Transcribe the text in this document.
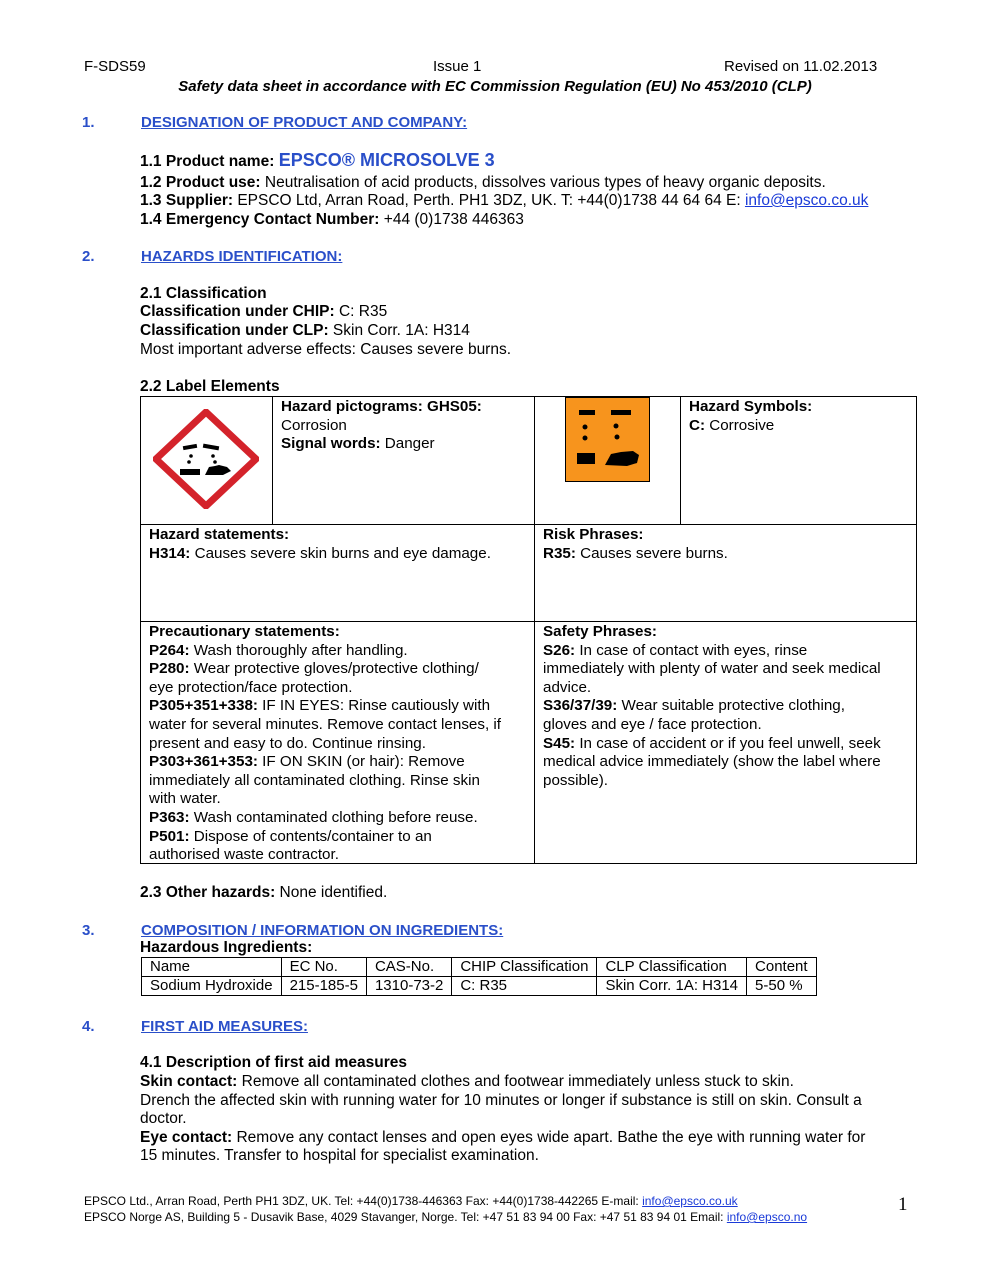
F-SDS59	Issue 1	Revised on 11.02.2013
Safety data sheet in accordance with EC Commission Regulation (EU) No 453/2010 (CLP)
1.	DESIGNATION OF PRODUCT AND COMPANY:
1.1 Product name: EPSCO® MICROSOLVE 3
1.2 Product use: Neutralisation of acid products, dissolves various types of heavy organic deposits.
1.3 Supplier: EPSCO Ltd, Arran Road, Perth. PH1 3DZ, UK. T: +44(0)1738 44 64 64 E: info@epsco.co.uk
1.4 Emergency Contact Number: +44 (0)1738 446363
2.	HAZARDS IDENTIFICATION:
2.1 Classification
Classification under CHIP: C: R35
Classification under CLP: Skin Corr. 1A: H314
Most important adverse effects: Causes severe burns.
2.2 Label Elements
Hazard pictograms: GHS05:
Corrosion
Signal words: Danger
Hazard Symbols:
C: Corrosive
Hazard statements:
H314: Causes severe skin burns and eye damage.
Risk Phrases:
R35: Causes severe burns.
Precautionary statements:
P264: Wash thoroughly after handling.
P280: Wear protective gloves/protective clothing/
eye protection/face protection.
P305+351+338: IF IN EYES: Rinse cautiously with
water for several minutes. Remove contact lenses, if
present and easy to do. Continue rinsing.
P303+361+353: IF ON SKIN (or hair): Remove
immediately all contaminated clothing. Rinse skin
with water.
P363: Wash contaminated clothing before reuse.
P501: Dispose of contents/container to an
authorised waste contractor.
Safety Phrases:
S26: In case of contact with eyes, rinse
immediately with plenty of water and seek medical
advice.
S36/37/39: Wear suitable protective clothing,
gloves and eye / face protection.
S45: In case of accident or if you feel unwell, seek
medical advice immediately (show the label where
possible).
2.3 Other hazards: None identified.
3.	COMPOSITION / INFORMATION ON INGREDIENTS:
Hazardous Ingredients:
Name	EC No.	CAS-No.	CHIP Classification	CLP Classification	Content
Sodium Hydroxide	215-185-5	1310-73-2	C: R35	Skin Corr. 1A: H314	5-50 %
4.	FIRST AID MEASURES:
4.1 Description of first aid measures
Skin contact: Remove all contaminated clothes and footwear immediately unless stuck to skin.
Drench the affected skin with running water for 10 minutes or longer if substance is still on skin. Consult a
doctor.
Eye contact: Remove any contact lenses and open eyes wide apart. Bathe the eye with running water for
15 minutes. Transfer to hospital for specialist examination.
EPSCO Ltd., Arran Road, Perth PH1 3DZ, UK. Tel: +44(0)1738-446363 Fax: +44(0)1738-442265 E-mail: info@epsco.co.uk
EPSCO Norge AS, Building 5 - Dusavik Base, 4029 Stavanger, Norge. Tel: +47 51 83 94 00 Fax: +47 51 83 94 01 Email: info@epsco.no
1
